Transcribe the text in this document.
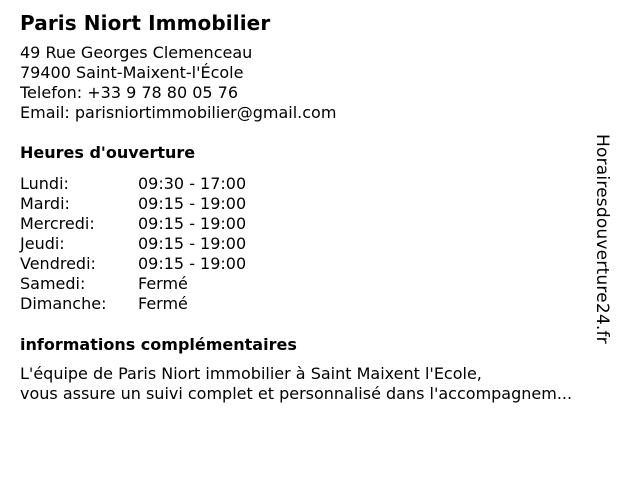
Paris Niort Immobilier
49 Rue Georges Clemenceau
79400 Saint-Maixent-l'École
Telefon: +33 9 78 80 05 76
Email: parisniortimmobilier@gmail.com
Heures d'ouverture
Lundi:	09:30 - 17:00
Mardi:	09:15 - 19:00
Mercredi:	09:15 - 19:00
Jeudi:	09:15 - 19:00
Vendredi:	09:15 - 19:00
Samedi:	Fermé
Dimanche:	Fermé
informations complémentaires
L'équipe de Paris Niort immobilier à Saint Maixent l'Ecole,
vous assure un suivi complet et personnalisé dans l'accompagnem...
Horairesdouverture24.fr
